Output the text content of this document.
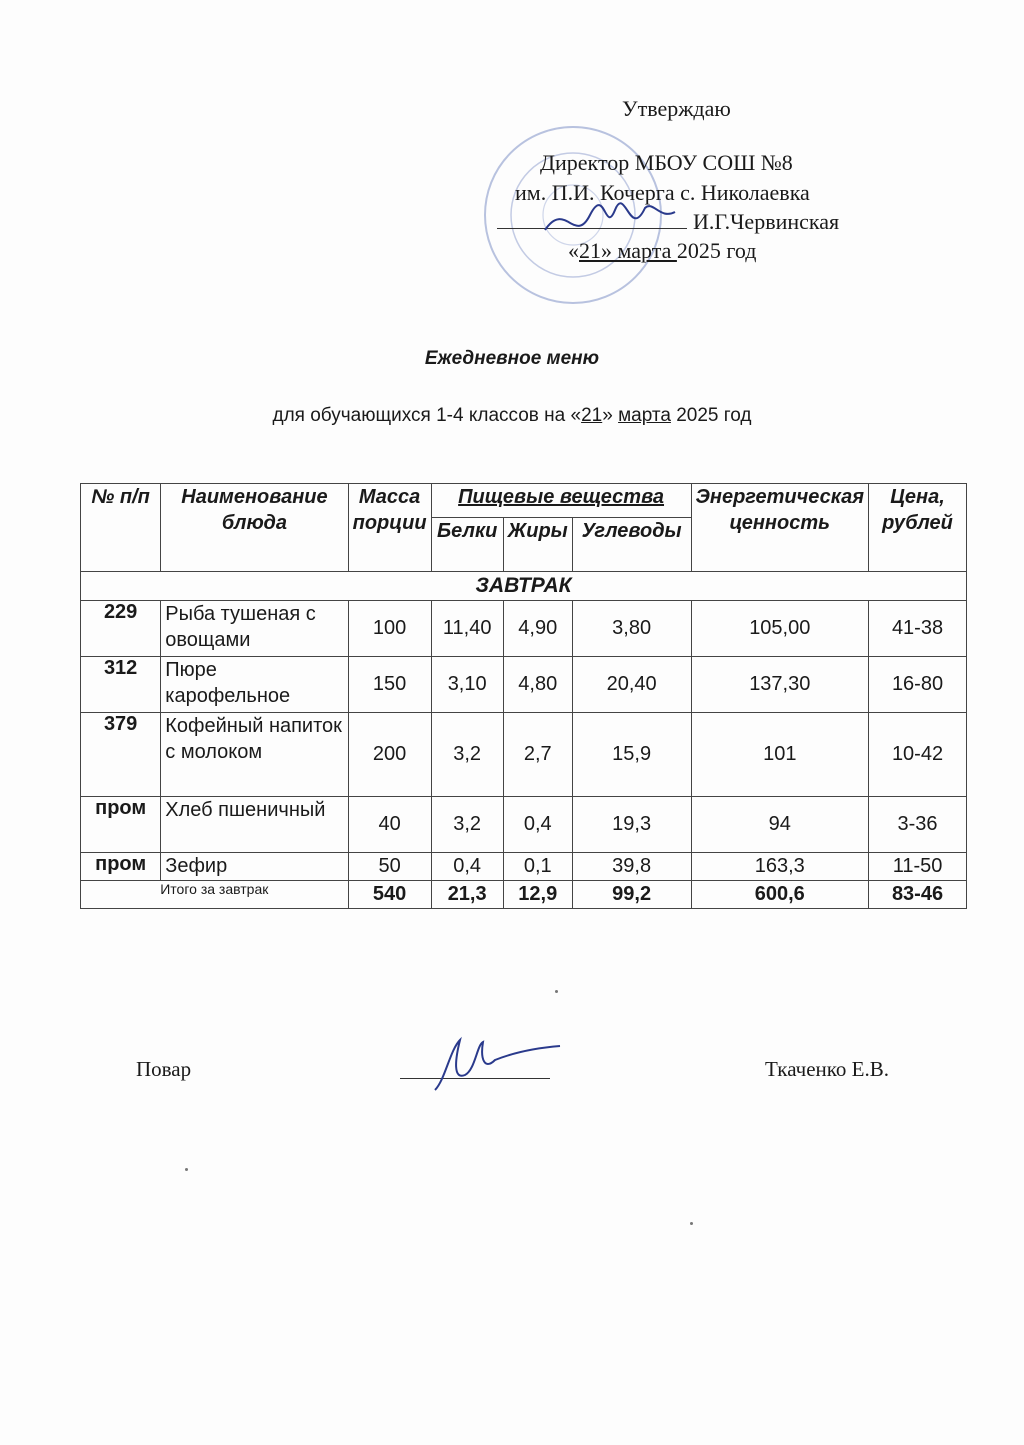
Утверждаю
Директор МБОУ СОШ №8
им. П.И. Кочерга с. Николаевка
И.Г.Червинская
«21» марта 2025 год
Ежедневное меню
для обучающихся 1-4 классов на «21» марта 2025 год
№ п/п	Наименование блюда	Масса порции	Пищевые вещества			Энергетическая ценность	Цена, рублей
			Белки	Жиры	Углеводы		
ЗАВТРАК							
229	Рыба тушеная с овощами	100	11,40	4,90	3,80	105,00	41-38
312	Пюре карофельное	150	3,10	4,80	20,40	137,30	16-80
379	Кофейный напиток с молоком	200	3,2	2,7	15,9	101	10-42
пром	Хлеб пшеничный	40	3,2	0,4	19,3	94	3-36
пром	Зефир	50	0,4	0,1	39,8	163,3	11-50
Итого за завтрак		540	21,3	12,9	99,2	600,6	83-46
Повар	Ткаченко Е.В.
